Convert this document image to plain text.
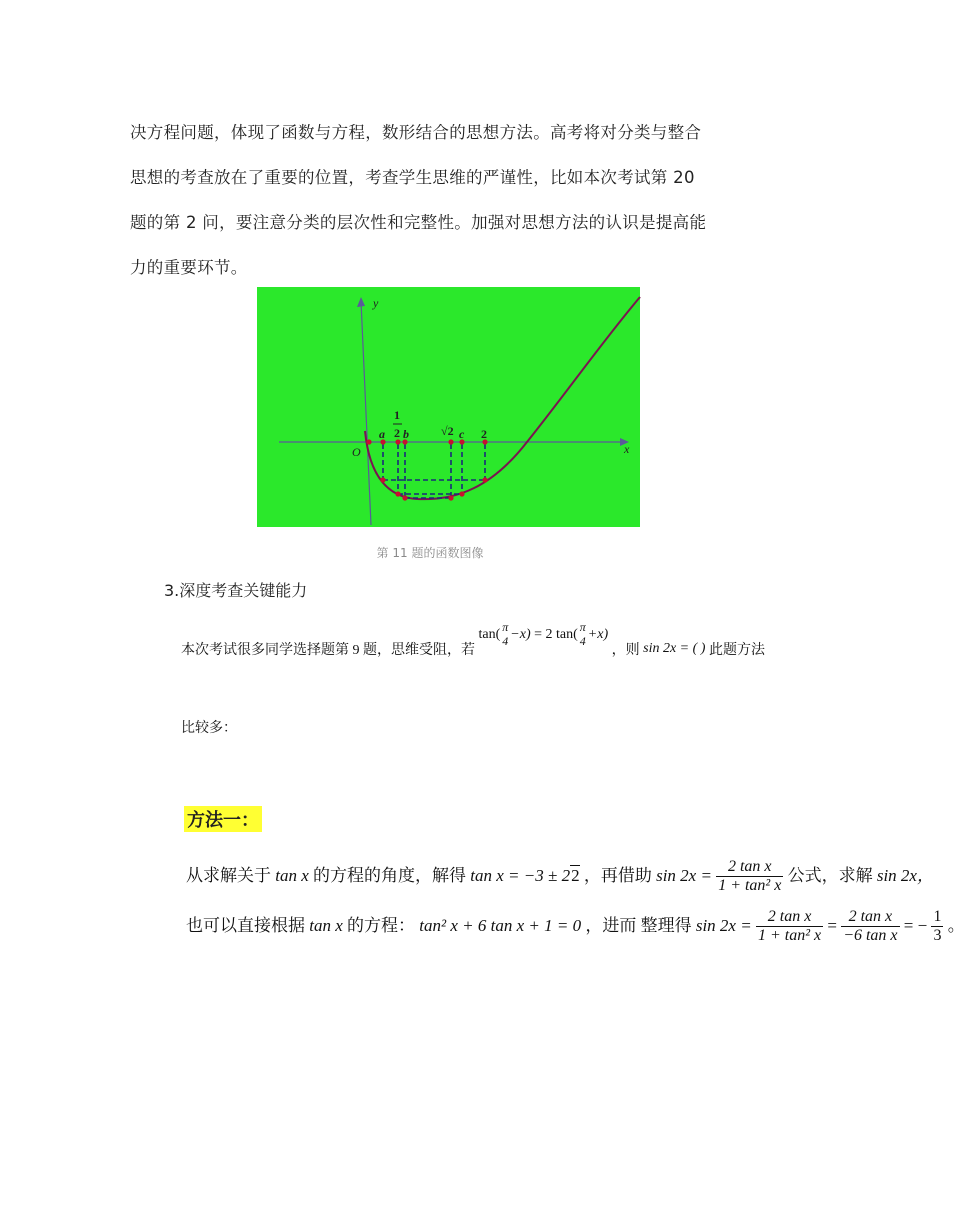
决方程问题，体现了函数与方程，数形结合的思想方法。高考将对分类与整合
思想的考查放在了重要的位置，考查学生思维的严谨性，比如本次考试第 20
题的第 2 问，要注意分类的层次性和完整性。加强对思想方法的认识是提高能
力的重要环节。
y
x
O
a b	c
1
2	√2 2
第 11 题的函数图像
3.深度考查关键能力
本次考试很多同学选择题第 9 题，思维受阻，若 tan(
π
4 −x) = 2 tan(
π
4 +x) ，则 sin 2x = ( ) 此题方法
比较多：
方法一：
从求解关于 tan x 的方程的角度，解得 tan x = −3 ± 22 ，再借助 $\sin 2x = \frac{\text{2 tan x}}{\text{1 + tan² x}}$ 公式，求解 sin 2x，
也可以直接根据 tan x 的方程： tan² x + 6 tan x + 1 = 0 ，进而 整理得 $\sin 2x = \frac{\text{2 tan x}}{\text{1 + tan² x}} = \frac{\text{2 tan x}}{\text{−6 tan x}}$ = − $\frac{1}{3}$ 。
